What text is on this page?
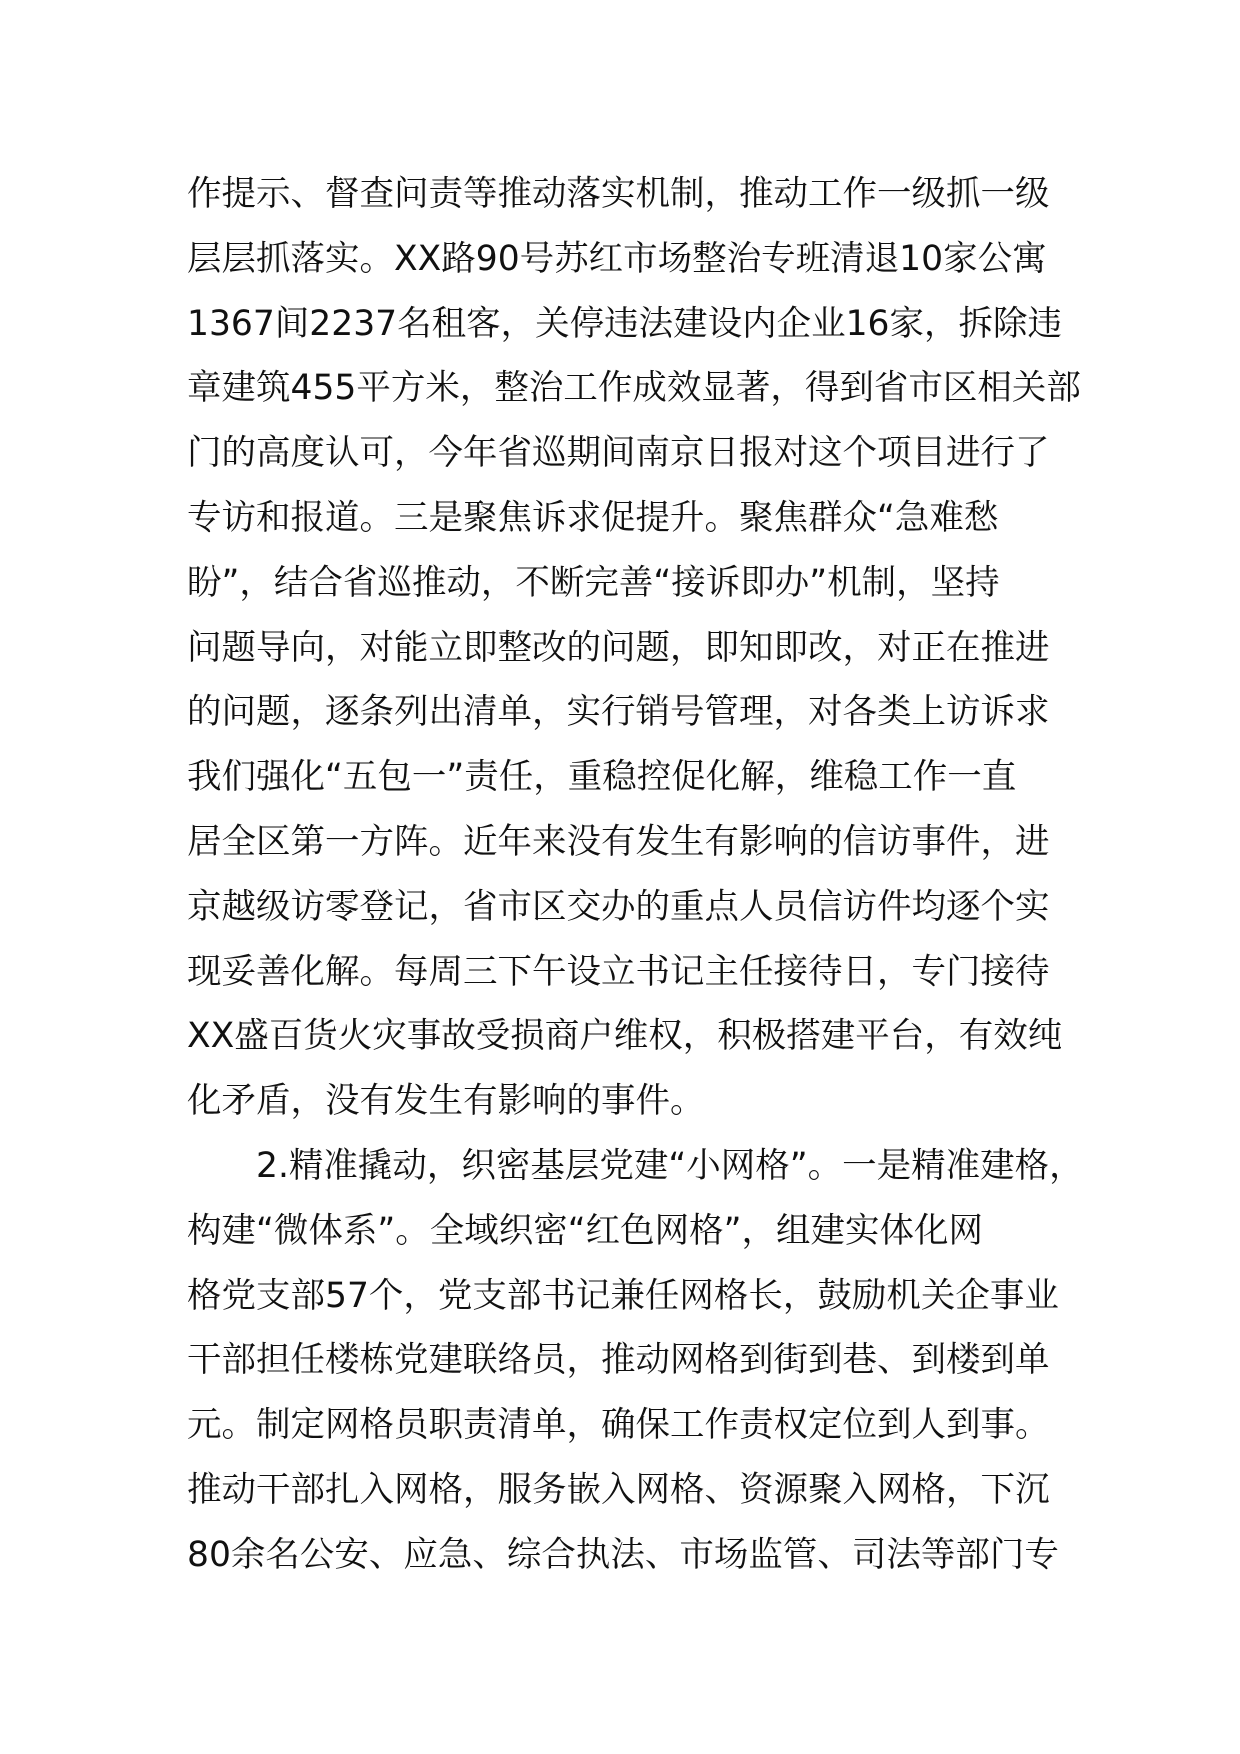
作提示、督查问责等推动落实机制，推动工作一级抓一级
层层抓落实。XX路90号苏红市场整治专班清退10家公寓
1367间2237名租客，关停违法建设内企业16家，拆除违
章建筑455平方米，整治工作成效显著，得到省市区相关部
门的高度认可，今年省巡期间南京日报对这个项目进行了
专访和报道。三是聚焦诉求促提升。聚焦群众“急难愁
盼”，结合省巡推动，不断完善“接诉即办”机制，坚持
问题导向，对能立即整改的问题，即知即改，对正在推进
的问题，逐条列出清单，实行销号管理，对各类上访诉求
我们强化“五包一”责任，重稳控促化解，维稳工作一直
居全区第一方阵。近年来没有发生有影响的信访事件，进
京越级访零登记，省市区交办的重点人员信访件均逐个实
现妥善化解。每周三下午设立书记主任接待日，专门接待
XX盛百货火灾事故受损商户维权，积极搭建平台，有效纯
化矛盾，没有发生有影响的事件。
2.精准撬动，织密基层党建“小网格”。一是精准建格，
构建“微体系”。全域织密“红色网格”，组建实体化网
格党支部57个，党支部书记兼任网格长，鼓励机关企事业
干部担任楼栋党建联络员，推动网格到街到巷、到楼到单
元。制定网格员职责清单，确保工作责权定位到人到事。
推动干部扎入网格，服务嵌入网格、资源聚入网格，下沉
80余名公安、应急、综合执法、市场监管、司法等部门专
